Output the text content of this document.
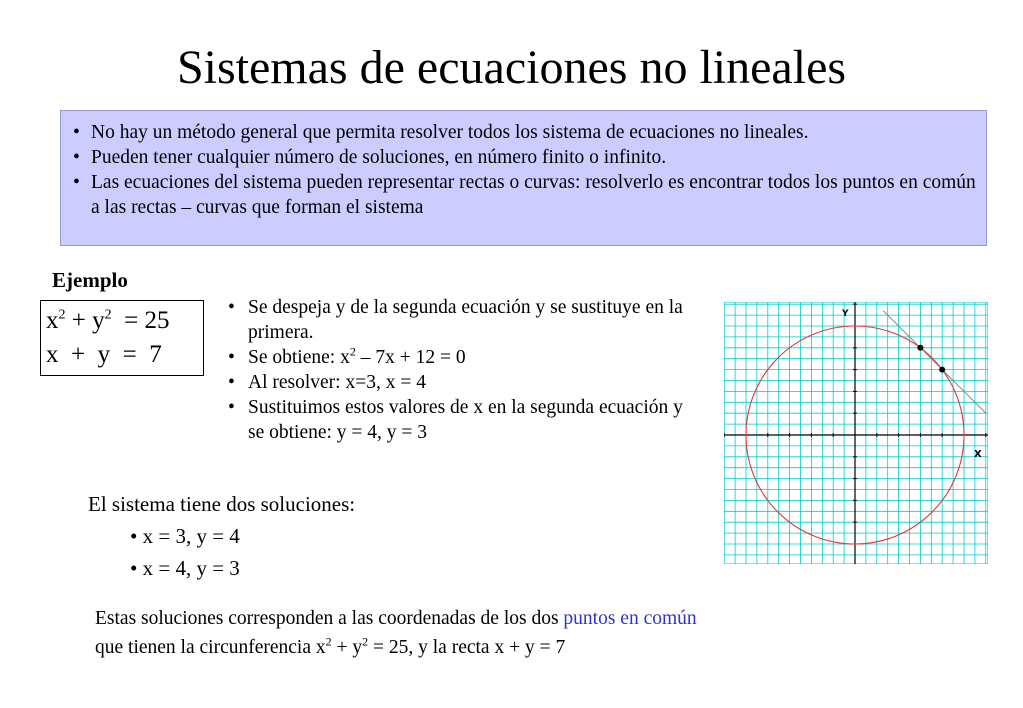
Sistemas de ecuaciones no lineales
• No hay un método general que permita resolver todos los sistema de ecuaciones no lineales.
• Pueden tener cualquier número de soluciones, en número finito o infinito.
• Las ecuaciones del sistema pueden representar rectas o curvas: resolverlo es encontrar todos los puntos en común a las rectas – curvas que forman el sistema
Ejemplo
$x^2 + y^2 = 25$
x  +  y  =  7
• Se despeja y de la segunda ecuación y se sustituye en la primera.
• Se obtiene: $x^2 - 7x + 12 = 0$
• Al resolver: x=3, x = 4
• Sustituimos estos valores de x en la segunda ecuación y se obtiene: y = 4, y = 3
El sistema tiene dos soluciones:
• x = 3, y = 4
• x = 4, y = 3
Estas soluciones corresponden a las coordenadas de los dos puntos en común
que tienen la circunferencia $x^2 + y^2 = 25$, y la recta x + y = 7
X
Y
